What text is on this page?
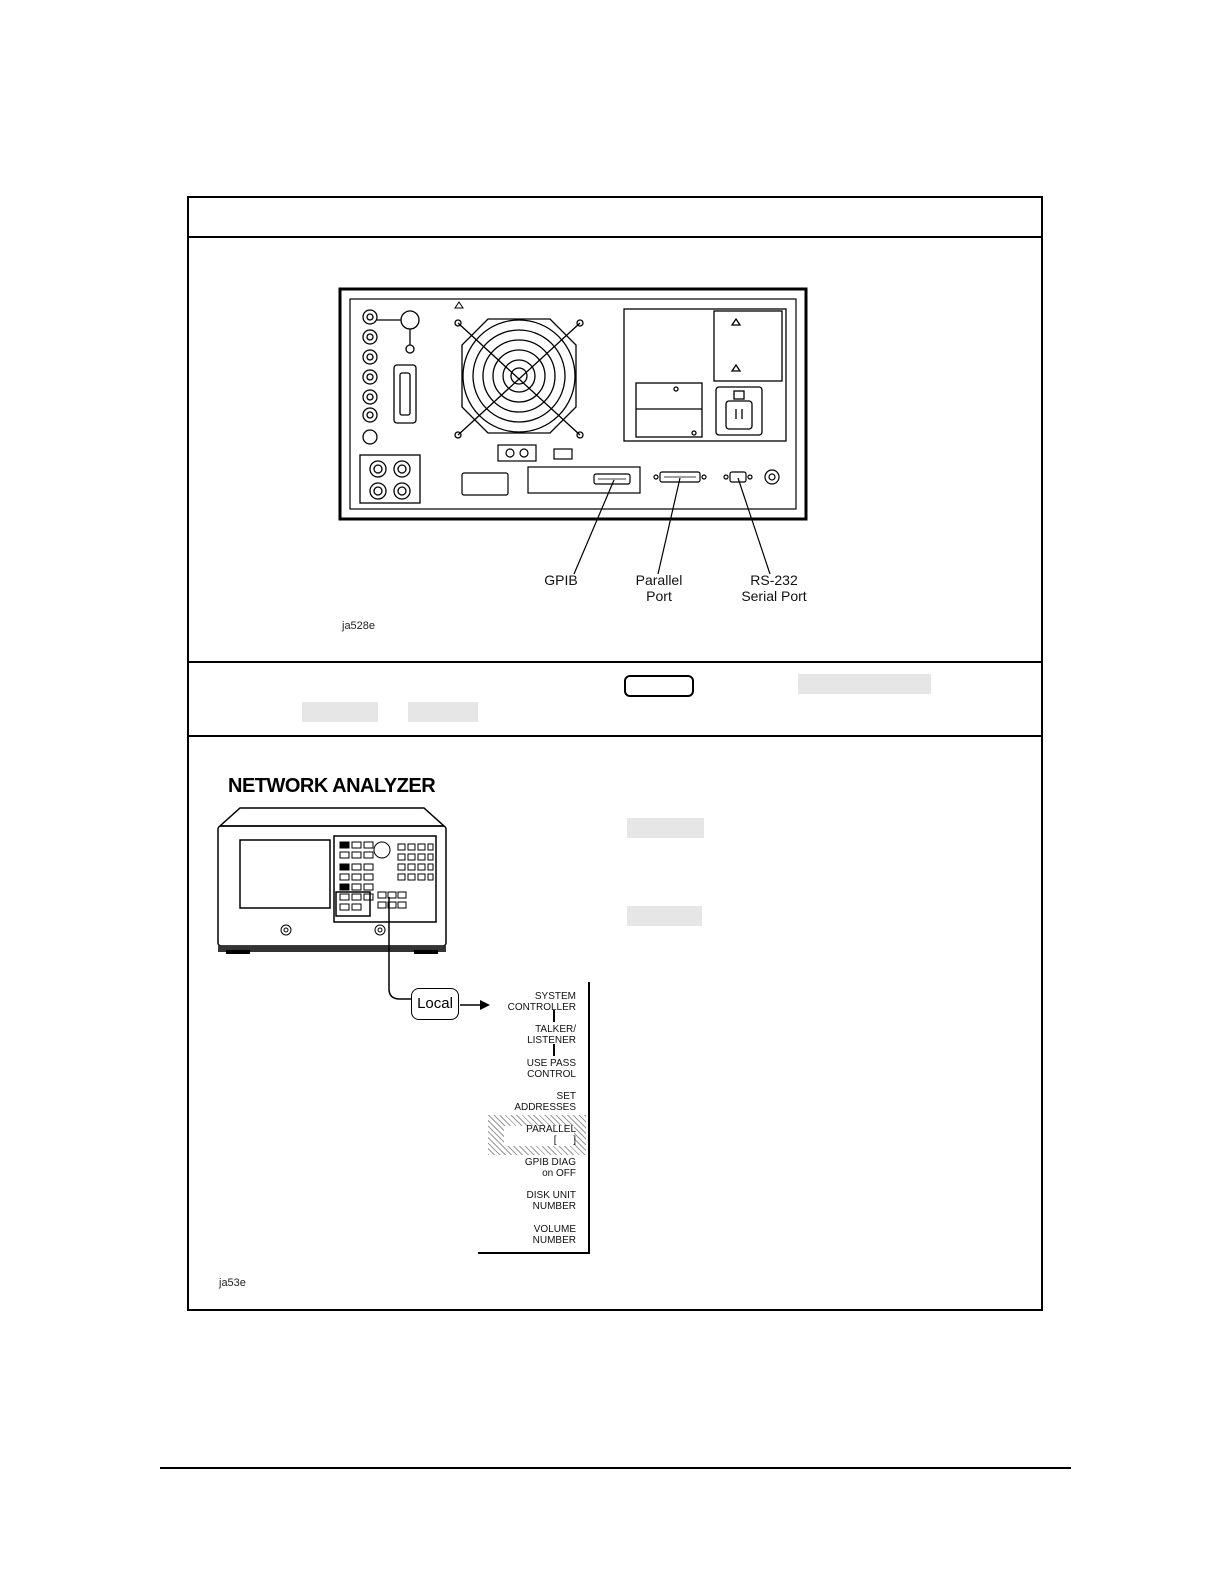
GPIB	Parallel
Port
RS-232
Serial Port
ja528e
NETWORK ANALYZER
Local	SYSTEM
CONTROLLER
TALKER/
LISTENER
USE PASS
CONTROL
SET
ADDRESSES
PARALLEL
[      ]
GPIB DIAG
on OFF
DISK UNIT
NUMBER
VOLUME
NUMBER
ja53e
